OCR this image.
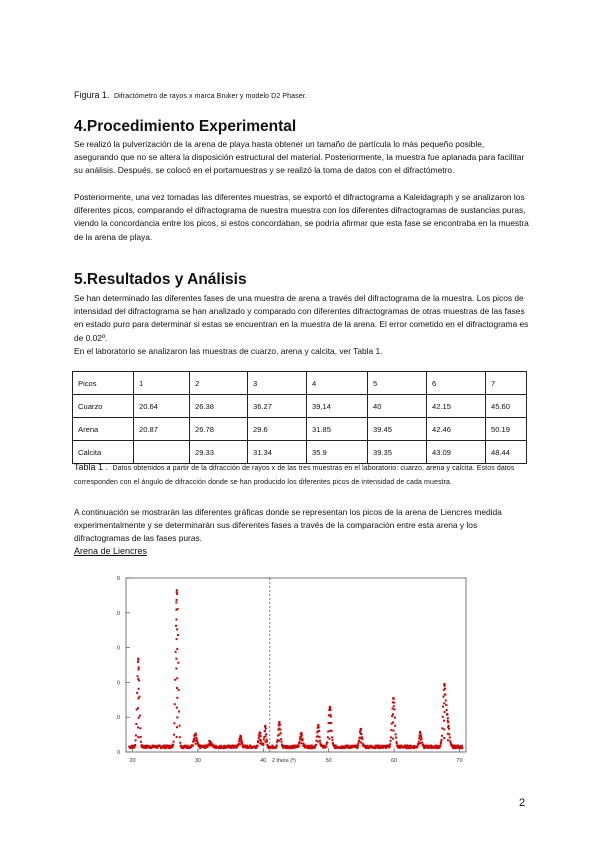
Figura 1. Difractómetro de rayos x marca Bruker y modelo D2 Phaser.
4.Procedimiento Experimental

Se realizó la pulverización de la arena de playa hasta obtener un tamaño de partícula lo más pequeño posible, asegurando que no se altera la disposición estructural del material. Posteriormente, la muestra fue aplanada para facilitar su análisis. Después, se colocó en el portamuestras y se realizó la toma de datos con el difractómetro.

Posteriormente, una vez tomadas las diferentes muestras, se exportó el difractograma a Kaleidagraph y se analizaron los diferentes picos, comparando el difractograma de nuestra muestra con los diferentes difractogramas de sustancias puras, viendo la concordancia entre los picos, si estos concordaban, se podría afirmar que esta fase se encontraba en la muestra de la arena de playa.

5.Resultados y Análisis

Se han determinado las diferentes fases de una muestra de arena a través del difractograma de la muestra. Los picos de intensidad del difractograma se han analizado y comparado con diferentes difractogramas de otras muestras de las fases en estado puro para determinar si estas se encuentran en la muestra de la arena. El error cometido en el difractograma es de 0.02º.

En el laboratorio se analizaron las muestras de cuarzo, arena y calcita, ver Tabla 1.

Picos	1	2	3	4	5	6	7
Cuarzo	20.64	26.38	36.27	39,14	40	42.15	45.60
Arena	20.87	26.78	29.6	31.85	39.45	42.46	50.19
Calcita		29.33	31.34	35.9	39.35	43.09	48.44
Tabla 1 . Datos obtenidos a partir de la difracción de rayos x de las tres muestras en el laboratorio: cuarzo, arena y calcita. Estos datos corresponden con el ángulo de difracción donde se han producido los diferentes picos de intensidad de cada muestra.

A continuación se mostrarán las diferentes gráficas donde se representan los picos de la arena de Liencres medida experimentalmente y se determinarán sus diferentes fases a través de la comparación entre esta arena y los difractogramas de las fases puras.

Arena de Liencres
0
0
0
0
0
0
20	30	40	50	60	70
2 theta (º)
2
